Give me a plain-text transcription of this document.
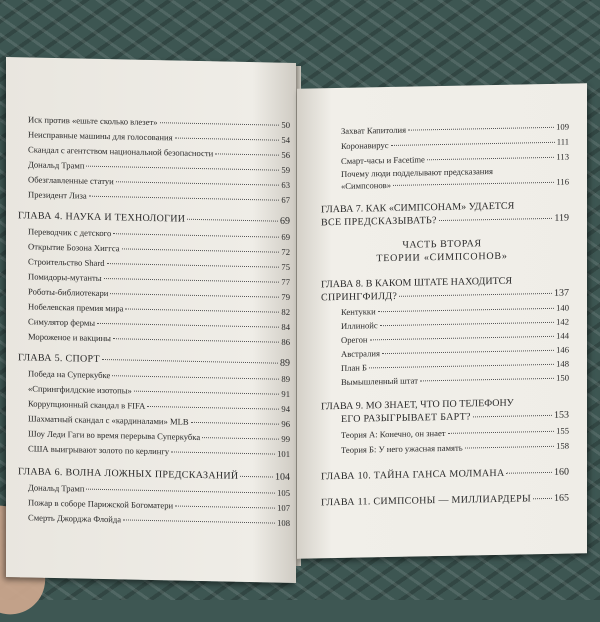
Иск против «ешьте сколько влезет»	50
Неисправные машины для голосования	54
Скандал с агентством национальной безопасности	56
Дональд Трамп	59
Обезглавленные статуи	63
Президент Лиза	67
ГЛАВА 4. НАУКА И ТЕХНОЛОГИИ	69
Переводчик с детского	69
Открытие Бозона Хиггса	72
Строительство Shard	75
Помидоры-мутанты	77
Роботы-библиотекари	79
Нобелевская премия мира	82
Симулятор фермы	84
Мороженое и вакцины	86
ГЛАВА 5. СПОРТ	89
Победа на Суперкубке	89
«Спрингфилдские изотопы»	91
Коррупционный скандал в FIFA	94
Шахматный скандал с «кардиналами» MLB	96
Шоу Леди Гаги во время перерыва Суперкубка	99
США выигрывают золото по керлингу	101
ГЛАВА 6. ВОЛНА ЛОЖНЫХ ПРЕДСКАЗАНИЙ	104
Дональд Трамп	105
Пожар в соборе Парижской Богоматери	107
Смерть Джорджа Флойда	108
Захват Капитолия	109
Коронавирус	111
Смарт-часы и Facetime	113
Почему люди подделывают предсказания
«Симпсонов»	116
ГЛАВА 7. КАК «СИМПСОНАМ» УДАЕТСЯ
ВСЕ ПРЕДСКАЗЫВАТЬ?	119
ЧАСТЬ ВТОРАЯ
ТЕОРИИ «СИМПСОНОВ»
ГЛАВА 8. В КАКОМ ШТАТЕ НАХОДИТСЯ
СПРИНГФИЛД?	137
Кентукки	140
Иллинойс	142
Орегон	144
Австралия	146
План Б	148
Вымышленный штат	150
ГЛАВА 9. МО ЗНАЕТ, ЧТО ПО ТЕЛЕФОНУ
ЕГО РАЗЫГРЫВАЕТ БАРТ?	153
Теория А: Конечно, он знает	155
Теория Б: У него ужасная память	158
ГЛАВА 10. ТАЙНА ГАНСА МОЛМАНА	160
ГЛАВА 11. СИМПСОНЫ — МИЛЛИАРДЕРЫ 165
